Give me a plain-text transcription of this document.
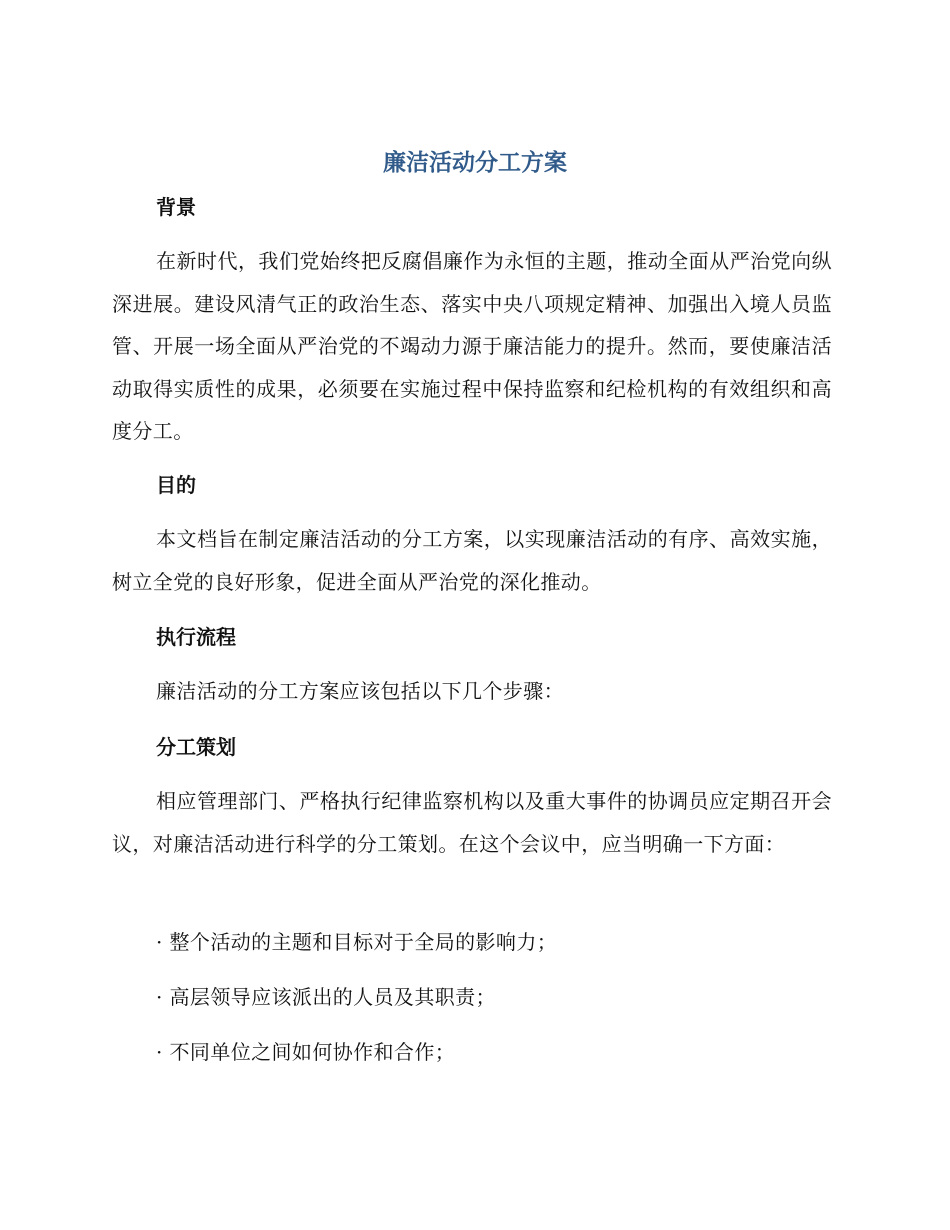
廉洁活动分工方案
背景

在新时代，我们党始终把反腐倡廉作为永恒的主题，推动全面从严治党向纵深进展。建设风清气正的政治生态、落实中央八项规定精神、加强出入境人员监管、开展一场全面从严治党的不竭动力源于廉洁能力的提升。然而，要使廉洁活动取得实质性的成果，必须要在实施过程中保持监察和纪检机构的有效组织和高度分工。

目的

本文档旨在制定廉洁活动的分工方案，以实现廉洁活动的有序、高效实施，树立全党的良好形象，促进全面从严治党的深化推动。

执行流程

廉洁活动的分工方案应该包括以下几个步骤：

分工策划

相应管理部门、严格执行纪律监察机构以及重大事件的协调员应定期召开会议，对廉洁活动进行科学的分工策划。在这个会议中，应当明确一下方面：

· 整个活动的主题和目标对于全局的影响力；

· 高层领导应该派出的人员及其职责；

· 不同单位之间如何协作和合作；
